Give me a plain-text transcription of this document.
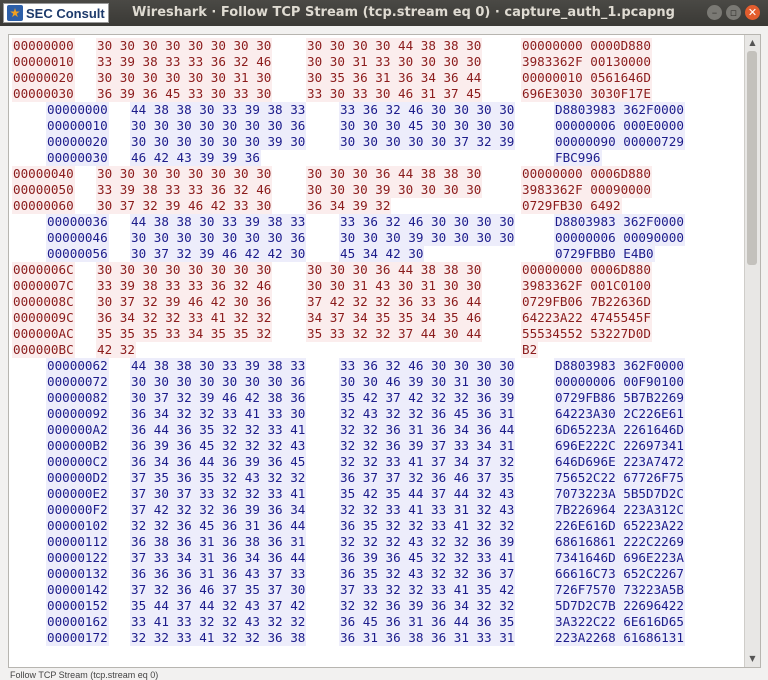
SEC Consult Wireshark · Follow TCP Stream (tcp.stream eq 0) · capture_auth_1.pcapng	–	▫ ✕
00000000 30 30 30 30 30 30 30 30	30 30 30 30 44 38 38 30	00000000 0000D880
00000010 33 39 38 33 33 36 32 46	30 30 31 33 30 30 30 30	3983362F 00130000
00000020 30 30 30 30 30 30 31 30	30 35 36 31 36 34 36 44	00000010 0561646D
00000030 36 39 36 45 33 30 33 30	33 30 33 30 46 31 37 45	696E3030 3030F17E
00000000 44 38 38 30 33 39 38 33	33 36 32 46 30 30 30 30	D8803983 362F0000
00000010 30 30 30 30 30 30 30 36	30 30 30 45 30 30 30 30	00000006 000E0000
00000020 30 30 30 30 30 30 39 30	30 30 30 30 30 37 32 39	00000090 00000729
00000030 46 42 43 39 39 36	FBC996
00000040 30 30 30 30 30 30 30 30	30 30 30 36 44 38 38 30	00000000 0006D880
00000050 33 39 38 33 33 36 32 46	30 30 30 39 30 30 30 30	3983362F 00090000
00000060 30 37 32 39 46 42 33 30	36 34 39 32	0729FB30 6492
00000036 44 38 38 30 33 39 38 33	33 36 32 46 30 30 30 30	D8803983 362F0000
00000046 30 30 30 30 30 30 30 36	30 30 30 39 30 30 30 30	00000006 00090000
00000056 30 37 32 39 46 42 42 30	45 34 42 30	0729FBB0 E4B0
0000006C 30 30 30 30 30 30 30 30	30 30 30 36 44 38 38 30	00000000 0006D880
0000007C 33 39 38 33 33 36 32 46	30 30 31 43 30 31 30 30	3983362F 001C0100
0000008C 30 37 32 39 46 42 30 36	37 42 32 32 36 33 36 44	0729FB06 7B22636D
0000009C 36 34 32 32 33 41 32 32	34 37 34 35 35 34 35 46	64223A22 4745545F
000000AC 35 35 35 33 34 35 35 32	35 33 32 32 37 44 30 44	55534552 53227D0D
000000BC 42 32	B2
00000062 44 38 38 30 33 39 38 33	33 36 32 46 30 30 30 30	D8803983 362F0000
00000072 30 30 30 30 30 30 30 36	30 30 46 39 30 31 30 30	00000006 00F90100
00000082 30 37 32 39 46 42 38 36	35 42 37 42 32 32 36 39	0729FB86 5B7B2269
00000092 36 34 32 32 33 41 33 30	32 43 32 32 36 45 36 31	64223A30 2C226E61
000000A2 36 44 36 35 32 32 33 41	32 32 36 31 36 34 36 44	6D65223A 2261646D
000000B2 36 39 36 45 32 32 32 43	32 32 36 39 37 33 34 31	696E222C 22697341
000000C2 36 34 36 44 36 39 36 45	32 32 33 41 37 34 37 32	646D696E 223A7472
000000D2 37 35 36 35 32 43 32 32	36 37 37 32 36 46 37 35	75652C22 67726F75
000000E2 37 30 37 33 32 32 33 41	35 42 35 44 37 44 32 43	7073223A 5B5D7D2C
000000F2 37 42 32 32 36 39 36 34	32 32 33 41 33 31 32 43	7B226964 223A312C
00000102 32 32 36 45 36 31 36 44	36 35 32 32 33 41 32 32	226E616D 65223A22
00000112 36 38 36 31 36 38 36 31	32 32 32 43 32 32 36 39	68616861 222C2269
00000122 37 33 34 31 36 34 36 44	36 39 36 45 32 32 33 41	7341646D 696E223A
00000132 36 36 36 31 36 43 37 33	36 35 32 43 32 32 36 37	66616C73 652C2267
00000142 37 32 36 46 37 35 37 30	37 33 32 32 33 41 35 42	726F7570 73223A5B
00000152 35 44 37 44 32 43 37 42	32 32 36 39 36 34 32 32	5D7D2C7B 22696422
00000162 33 41 33 32 32 43 32 32	36 45 36 31 36 44 36 35	3A322C22 6E616D65
00000172 32 32 33 41 32 32 36 38	36 31 36 38 36 31 33 31	223A2268 61686131
▲
▼
Follow TCP Stream (tcp.stream eq 0)
